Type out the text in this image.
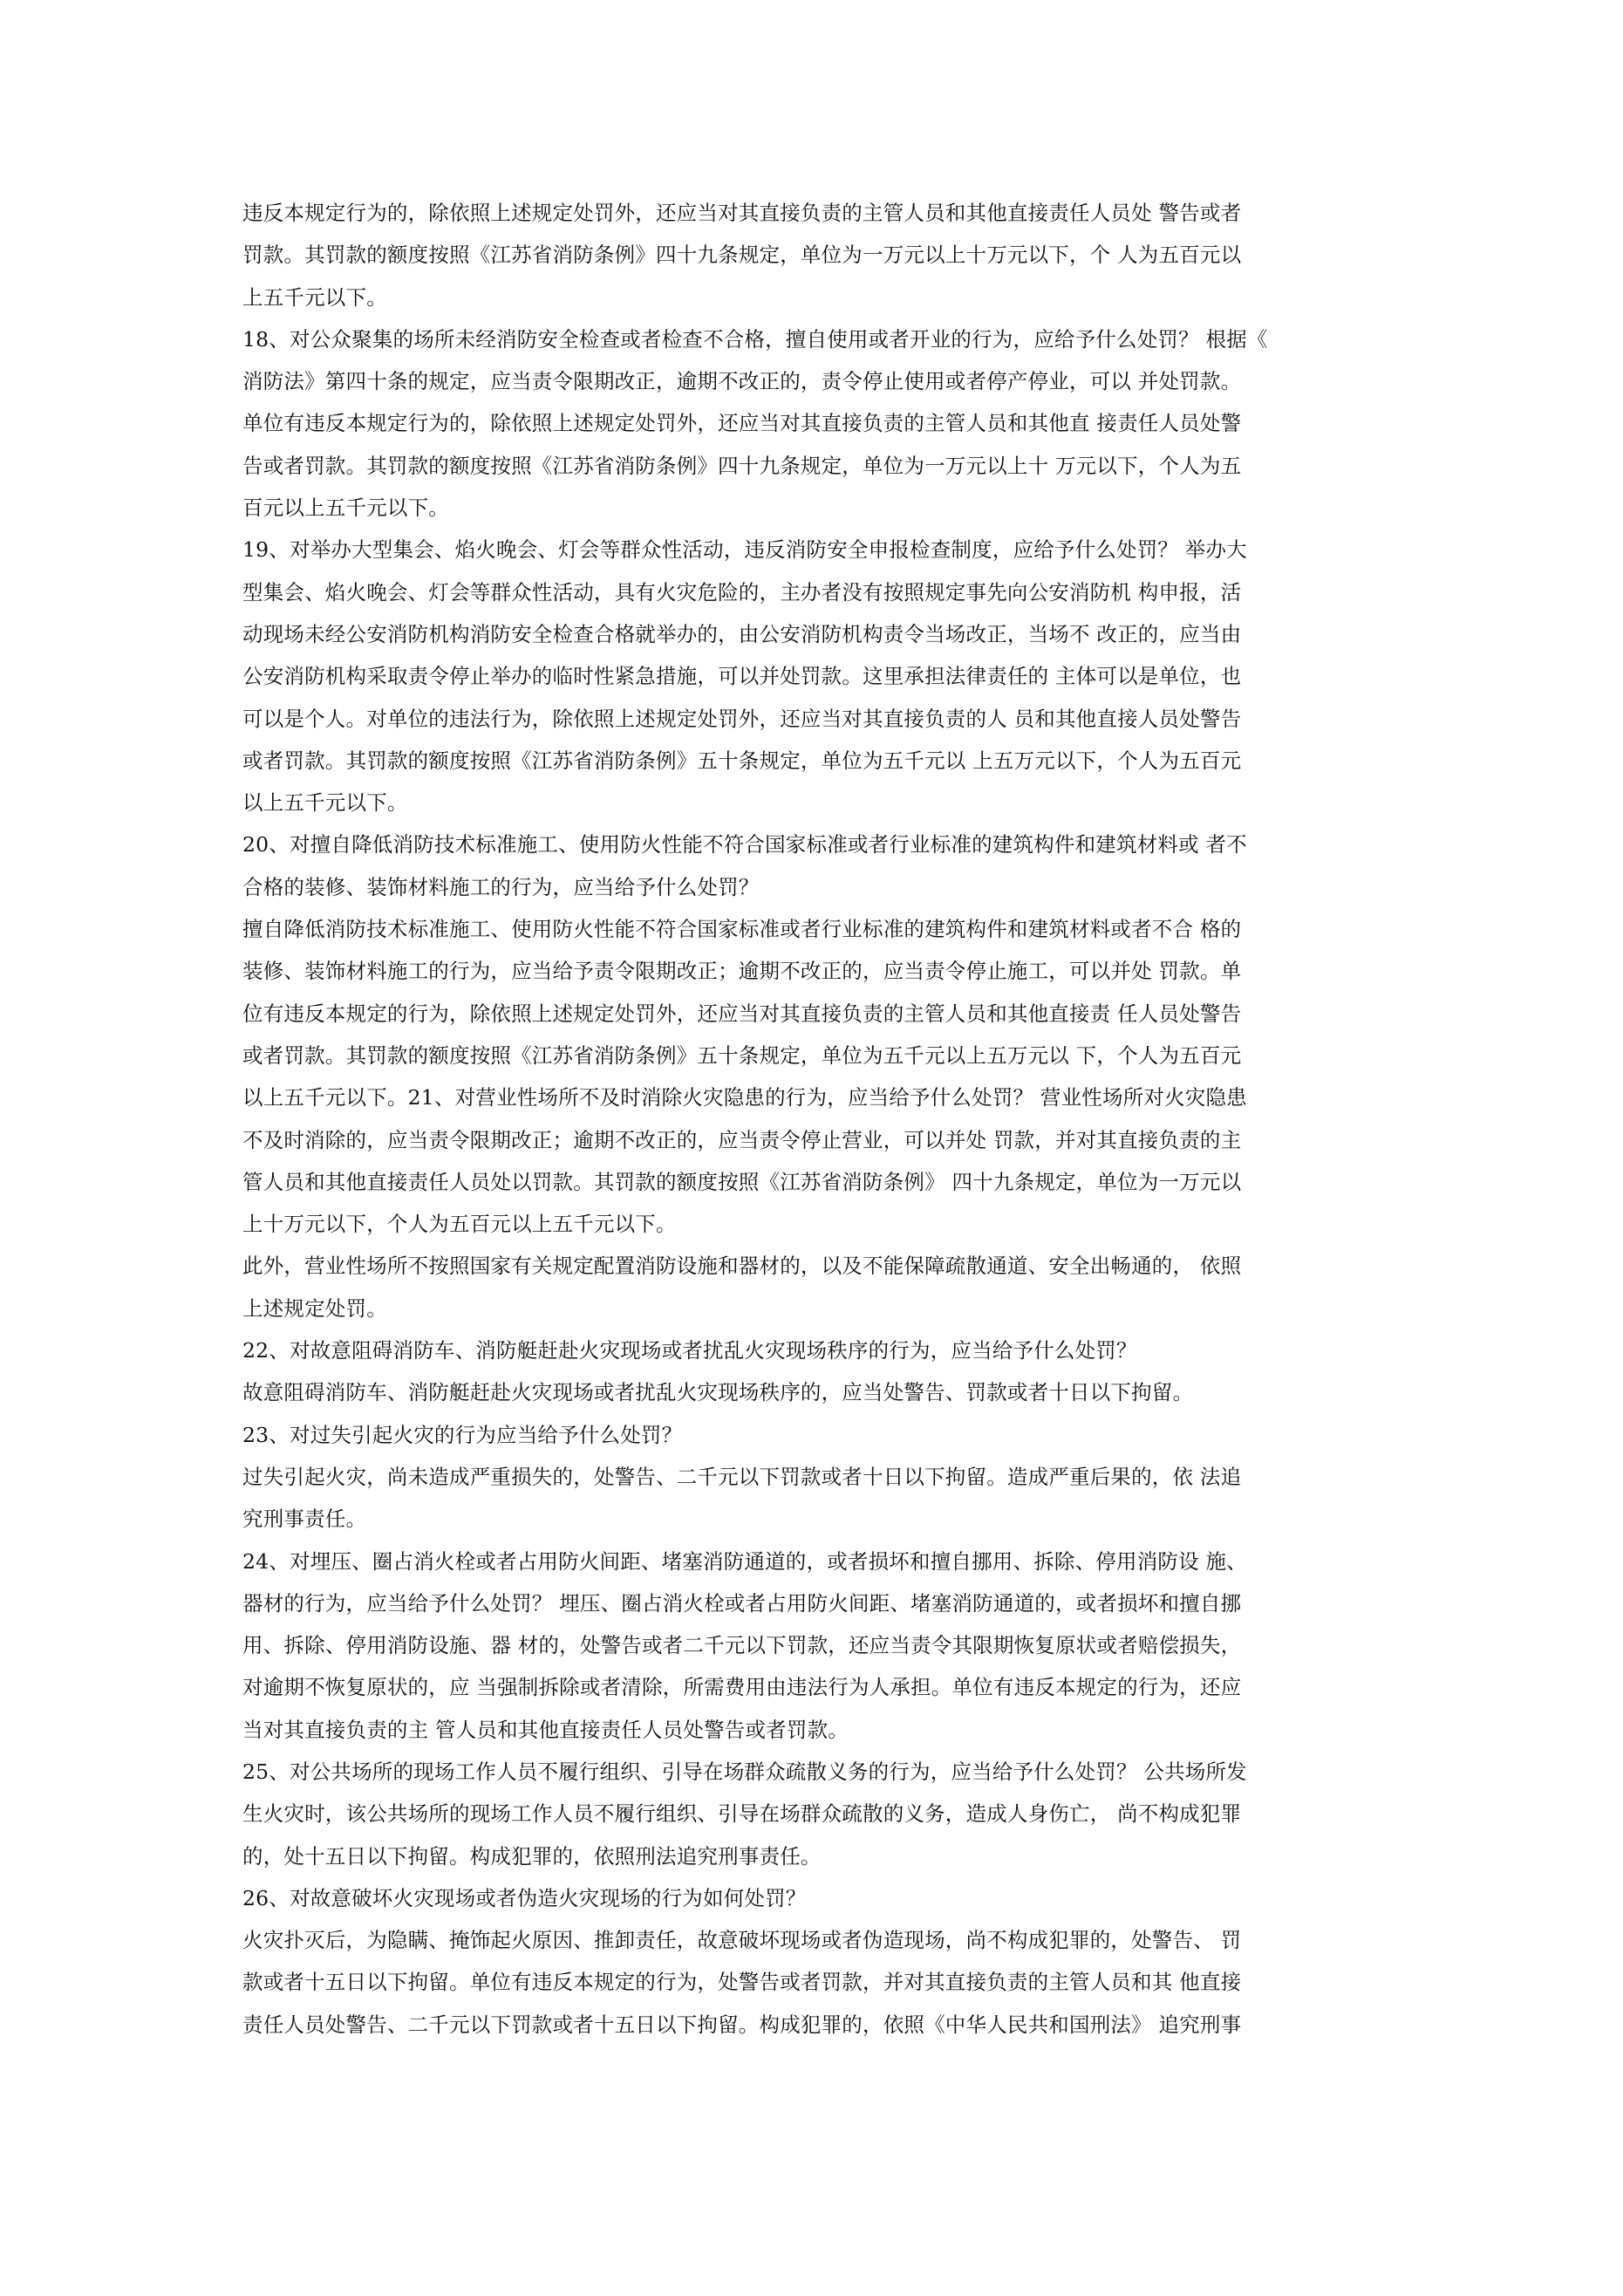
违反本规定行为的，除依照上述规定处罚外，还应当对其直接负责的主管人员和其他直接责任人员处 警告或者
罚款。其罚款的额度按照《江苏省消防条例》四十九条规定，单位为一万元以上十万元以下，个 人为五百元以
上五千元以下。
18、对公众聚集的场所未经消防安全检查或者检查不合格，擅自使用或者开业的行为，应给予什么处罚？ 根据《
消防法》第四十条的规定，应当责令限期改正，逾期不改正的，责令停止使用或者停产停业，可以 并处罚款。
单位有违反本规定行为的，除依照上述规定处罚外，还应当对其直接负责的主管人员和其他直 接责任人员处警
告或者罚款。其罚款的额度按照《江苏省消防条例》四十九条规定，单位为一万元以上十 万元以下，个人为五
百元以上五千元以下。
19、对举办大型集会、焰火晚会、灯会等群众性活动，违反消防安全申报检查制度，应给予什么处罚？ 举办大
型集会、焰火晚会、灯会等群众性活动，具有火灾危险的，主办者没有按照规定事先向公安消防机 构申报，活
动现场未经公安消防机构消防安全检查合格就举办的，由公安消防机构责令当场改正，当场不 改正的，应当由
公安消防机构采取责令停止举办的临时性紧急措施，可以并处罚款。这里承担法律责任的 主体可以是单位，也
可以是个人。对单位的违法行为，除依照上述规定处罚外，还应当对其直接负责的人 员和其他直接人员处警告
或者罚款。其罚款的额度按照《江苏省消防条例》五十条规定，单位为五千元以 上五万元以下，个人为五百元
以上五千元以下。
20、对擅自降低消防技术标准施工、使用防火性能不符合国家标准或者行业标准的建筑构件和建筑材料或 者不
合格的装修、装饰材料施工的行为，应当给予什么处罚？
擅自降低消防技术标准施工、使用防火性能不符合国家标准或者行业标准的建筑构件和建筑材料或者不合 格的
装修、装饰材料施工的行为，应当给予责令限期改正；逾期不改正的，应当责令停止施工，可以并处 罚款。单
位有违反本规定的行为，除依照上述规定处罚外，还应当对其直接负责的主管人员和其他直接责 任人员处警告
或者罚款。其罚款的额度按照《江苏省消防条例》五十条规定，单位为五千元以上五万元以 下，个人为五百元
以上五千元以下。21、对营业性场所不及时消除火灾隐患的行为，应当给予什么处罚？ 营业性场所对火灾隐患
不及时消除的，应当责令限期改正；逾期不改正的，应当责令停止营业，可以并处 罚款，并对其直接负责的主
管人员和其他直接责任人员处以罚款。其罚款的额度按照《江苏省消防条例》 四十九条规定，单位为一万元以
上十万元以下，个人为五百元以上五千元以下。
此外，营业性场所不按照国家有关规定配置消防设施和器材的，以及不能保障疏散通道、安全出畅通的， 依照
上述规定处罚。
22、对故意阻碍消防车、消防艇赶赴火灾现场或者扰乱火灾现场秩序的行为，应当给予什么处罚？
故意阻碍消防车、消防艇赶赴火灾现场或者扰乱火灾现场秩序的，应当处警告、罚款或者十日以下拘留。
23、对过失引起火灾的行为应当给予什么处罚？
过失引起火灾，尚未造成严重损失的，处警告、二千元以下罚款或者十日以下拘留。造成严重后果的，依 法追
究刑事责任。
24、对埋压、圈占消火栓或者占用防火间距、堵塞消防通道的，或者损坏和擅自挪用、拆除、停用消防设 施、
器材的行为，应当给予什么处罚？ 埋压、圈占消火栓或者占用防火间距、堵塞消防通道的，或者损坏和擅自挪
用、拆除、停用消防设施、器 材的，处警告或者二千元以下罚款，还应当责令其限期恢复原状或者赔偿损失，
对逾期不恢复原状的，应 当强制拆除或者清除，所需费用由违法行为人承担。单位有违反本规定的行为，还应
当对其直接负责的主 管人员和其他直接责任人员处警告或者罚款。
25、对公共场所的现场工作人员不履行组织、引导在场群众疏散义务的行为，应当给予什么处罚？ 公共场所发
生火灾时，该公共场所的现场工作人员不履行组织、引导在场群众疏散的义务，造成人身伤亡， 尚不构成犯罪
的，处十五日以下拘留。构成犯罪的，依照刑法追究刑事责任。
26、对故意破坏火灾现场或者伪造火灾现场的行为如何处罚？
火灾扑灭后，为隐瞒、掩饰起火原因、推卸责任，故意破坏现场或者伪造现场，尚不构成犯罪的，处警告、 罚
款或者十五日以下拘留。单位有违反本规定的行为，处警告或者罚款，并对其直接负责的主管人员和其 他直接
责任人员处警告、二千元以下罚款或者十五日以下拘留。构成犯罪的，依照《中华人民共和国刑法》 追究刑事
